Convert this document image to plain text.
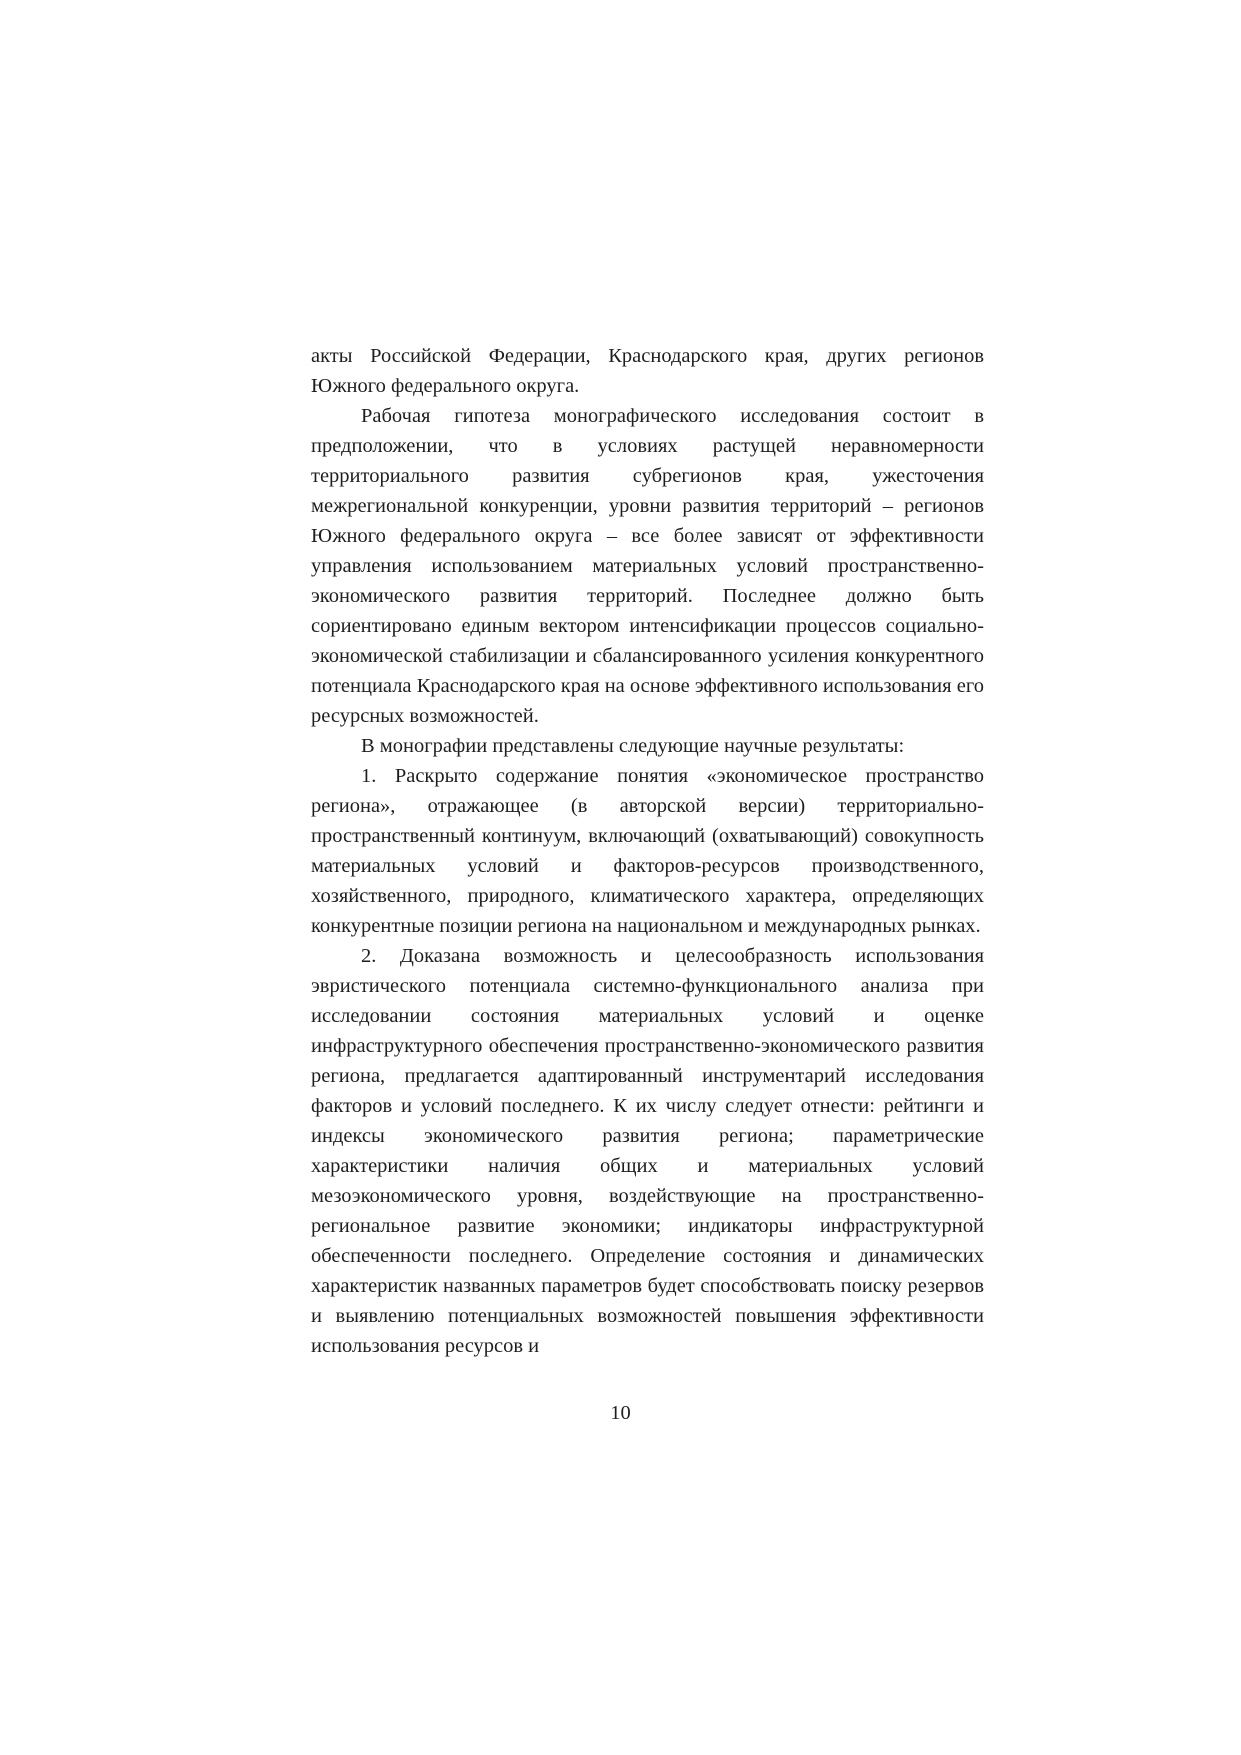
акты Российской Федерации, Краснодарского края, других регионов Южного федерального округа.

Рабочая гипотеза монографического исследования состоит в предположении, что в условиях растущей неравномерности территориального развития субрегионов края, ужесточения межрегиональной конкуренции, уровни развития территорий – регионов Южного федерального округа – все более зависят от эффективности управления использованием материальных условий пространственно-экономического развития территорий. Последнее должно быть сориентировано единым вектором интенсификации процессов социально-экономической стабилизации и сбалансированного усиления конкурентного потенциала Краснодарского края на основе эффективного использования его ресурсных возможностей.

В монографии представлены следующие научные результаты:

1. Раскрыто содержание понятия «экономическое пространство региона», отражающее (в авторской версии) территориально-пространственный континуум, включающий (охватывающий) совокупность материальных условий и факторов-ресурсов производственного, хозяйственного, природного, климатического характера, определяющих конкурентные позиции региона на национальном и международных рынках.

2. Доказана возможность и целесообразность использования эвристического потенциала системно-функционального анализа при исследовании состояния материальных условий и оценке инфраструктурного обеспечения пространственно-экономического развития региона, предлагается адаптированный инструментарий исследования факторов и условий последнего. К их числу следует отнести: рейтинги и индексы экономического развития региона; параметрические характеристики наличия общих и материальных условий мезоэкономического уровня, воздействующие на пространственно-региональное развитие экономики; индикаторы инфраструктурной обеспеченности последнего. Определение состояния и динамических характеристик названных параметров будет способствовать поиску резервов и выявлению потенциальных возможностей повышения эффективности использования ресурсов и

10
